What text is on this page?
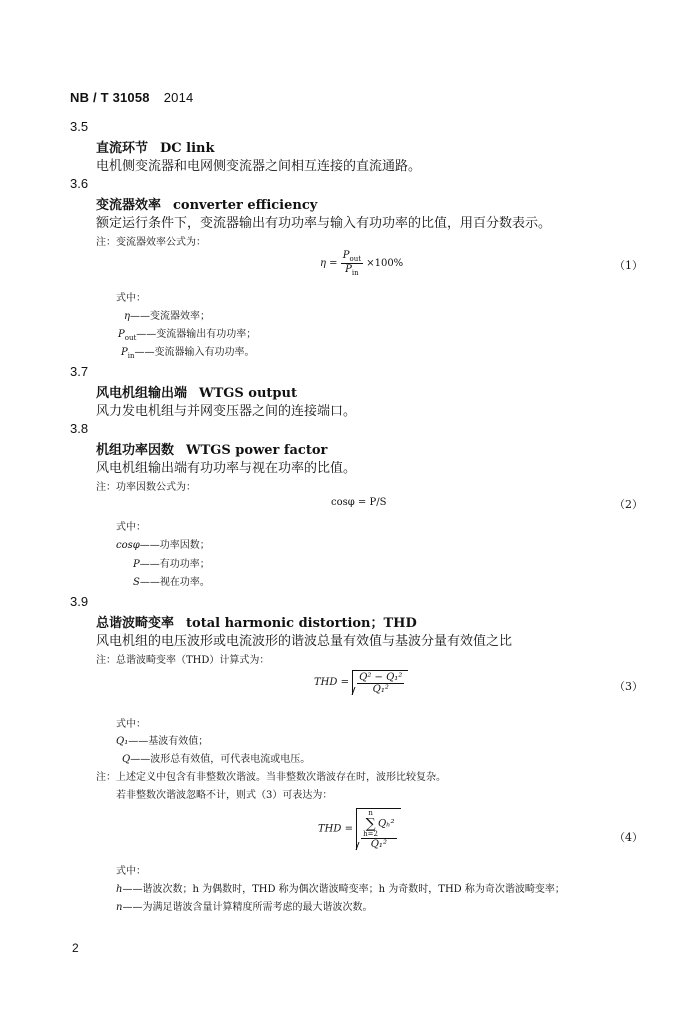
NB / T 31058 2014
3.5
直流环节 DC link
电机侧变流器和电网侧变流器之间相互连接的直流通路。
3.6
变流器效率 converter efficiency
额定运行条件下，变流器输出有功功率与输入有功功率的比值，用百分数表示。
注：变流器效率公式为：
$\eta = \frac{P_{out}}{P_{in}} \times 100\%$	（1）
式中：
η——变流器效率；
$P_{out}——$变流器输出有功功率；
$P_{in}——$变流器输入有功功率。
3.7
风电机组输出端 WTGS output
风力发电机组与并网变压器之间的连接端口。
3.8
机组功率因数 WTGS power factor
风电机组输出端有功功率与视在功率的比值。
注：功率因数公式为：
cosφ = P/S	（2）
式中：
cosφ——功率因数；
P——有功功率；
S——视在功率。
3.9
总谐波畸变率 total harmonic distortion；THD
风电机组的电压波形或电流波形的谐波总量有效值与基波分量有效值之比
注：总谐波畸变率（THD）计算式为：
THD = $\frac{\text{Q² − Q₁²}}{\text{Q₁²}}$	（3）
式中：
Q₁——基波有效值；
Q——波形总有效值，可代表电流或电压。
注：上述定义中包含有非整数次谐波。当非整数次谐波存在时，波形比较复杂。
若非整数次谐波忽略不计，则式（3）可表达为：
THD = n
∑
h=2
Qₕ²
Q₁²	（4）
式中：
h——谐波次数；h 为偶数时，THD 称为偶次谐波畸变率；h 为奇数时，THD 称为奇次谐波畸变率；
n——为满足谐波含量计算精度所需考虑的最大谐波次数。
2
